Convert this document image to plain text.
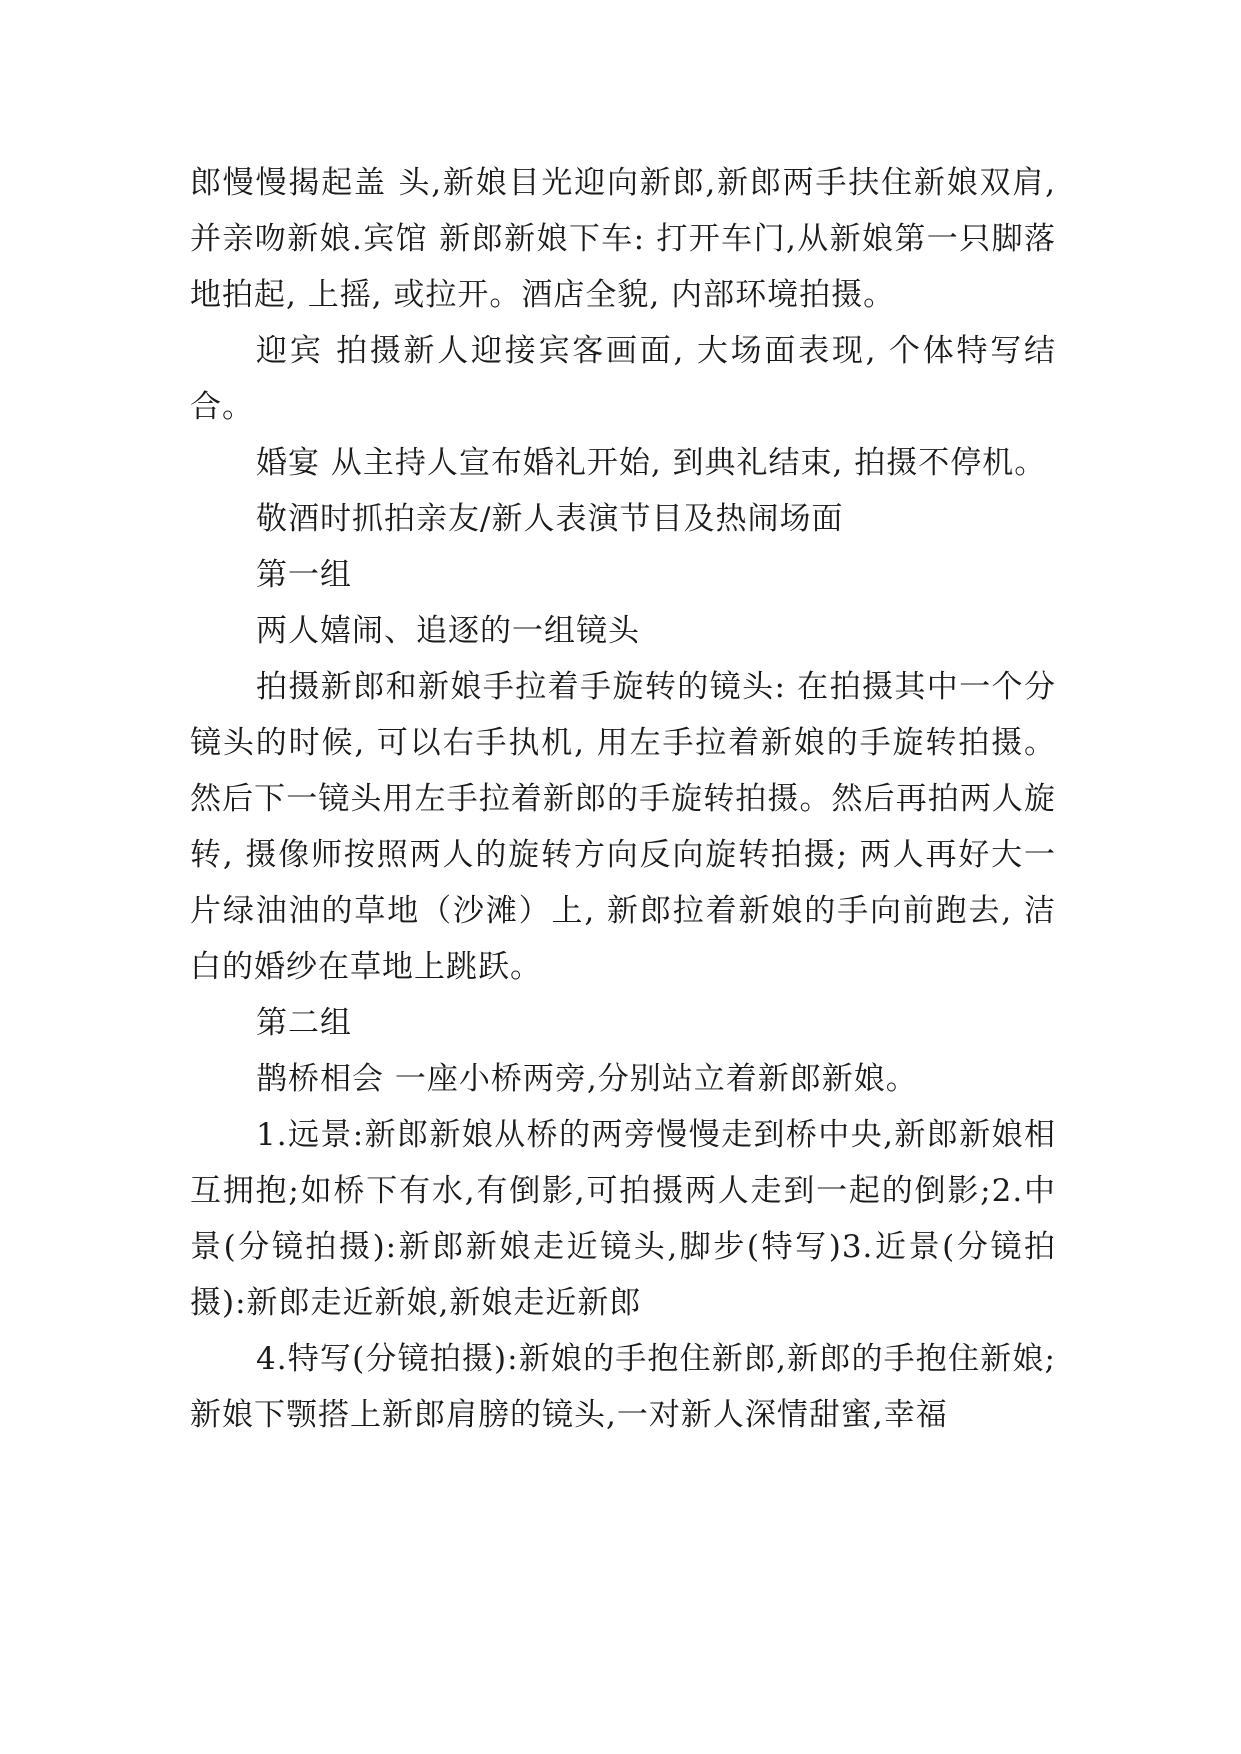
郎慢慢揭起盖 头,新娘目光迎向新郎,新郎两手扶住新娘双肩,并亲吻新娘.宾馆 新郎新娘下车: 打开车门,从新娘第一只脚落地拍起, 上摇, 或拉开。酒店全貌, 内部环境拍摄。

迎宾 拍摄新人迎接宾客画面, 大场面表现, 个体特写结合。

婚宴 从主持人宣布婚礼开始, 到典礼结束, 拍摄不停机。

敬酒时抓拍亲友/新人表演节目及热闹场面

第一组

两人嬉闹、追逐的一组镜头

拍摄新郎和新娘手拉着手旋转的镜头: 在拍摄其中一个分镜头的时候, 可以右手执机, 用左手拉着新娘的手旋转拍摄。然后下一镜头用左手拉着新郎的手旋转拍摄。然后再拍两人旋转, 摄像师按照两人的旋转方向反向旋转拍摄; 两人再好大一片绿油油的草地（沙滩）上, 新郎拉着新娘的手向前跑去, 洁白的婚纱在草地上跳跃。

第二组

鹊桥相会 一座小桥两旁,分别站立着新郎新娘。

1.远景:新郎新娘从桥的两旁慢慢走到桥中央,新郎新娘相互拥抱;如桥下有水,有倒影,可拍摄两人走到一起的倒影;2.中景(分镜拍摄):新郎新娘走近镜头,脚步(特写)3.近景(分镜拍摄):新郎走近新娘,新娘走近新郎

4.特写(分镜拍摄):新娘的手抱住新郎,新郎的手抱住新娘;新娘下颚搭上新郎肩膀的镜头,一对新人深情甜蜜,幸福
